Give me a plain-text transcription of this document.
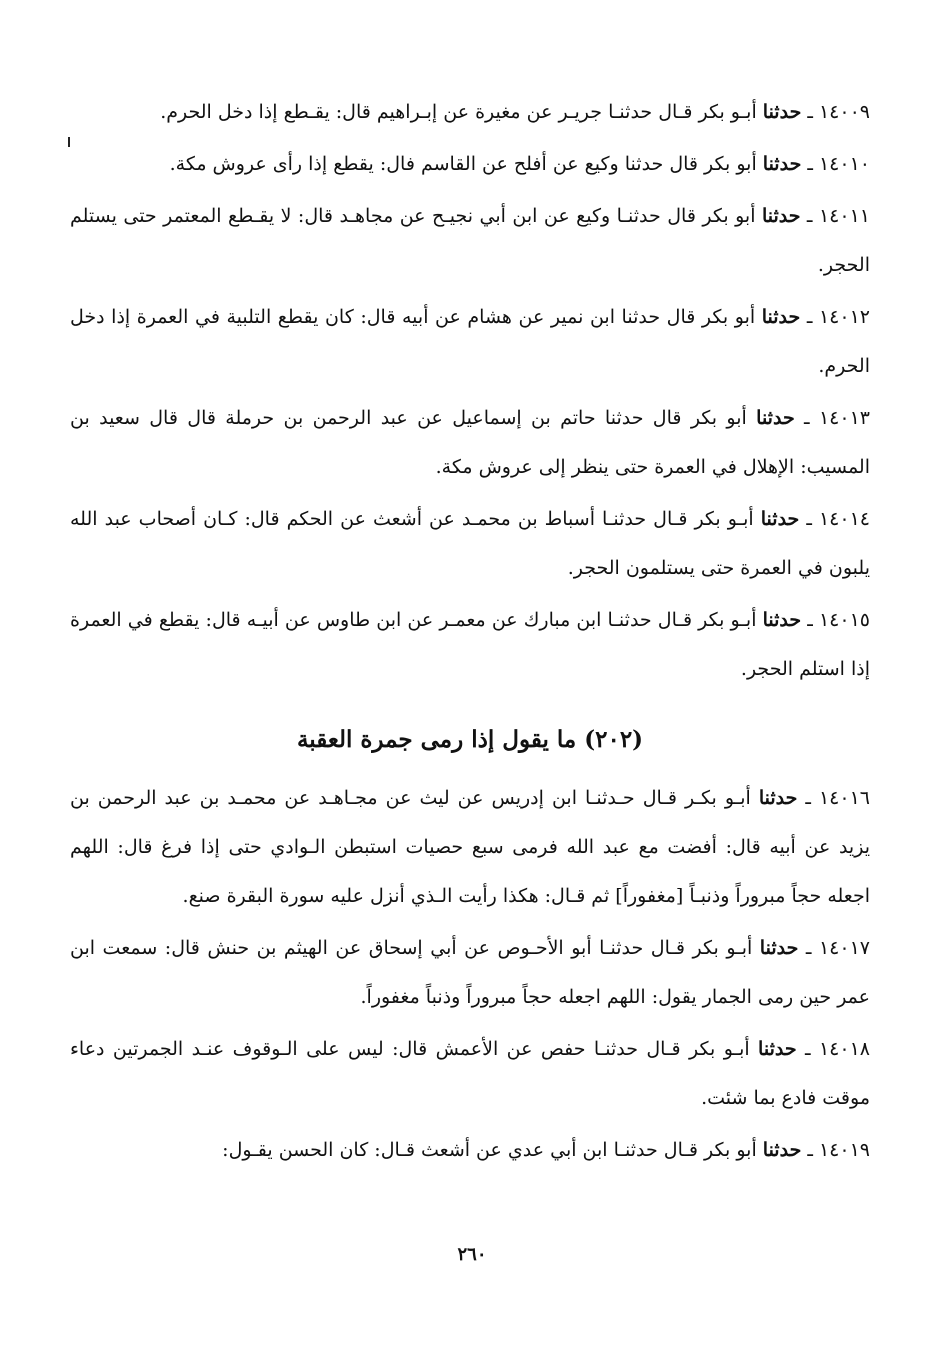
١٤٠٠٩ ـ حدثنا أبـو بكر قـال حدثنـا جريـر عن مغيرة عن إبـراهيم قال: يقـطع إذا دخل الحرم.

١٤٠١٠ ـ حدثنا أبو بكر قال حدثنا وكيع عن أفلح عن القاسم فال: يقطع إذا رأى عروش مكة.

١٤٠١١ ـ حدثنا أبو بكر قال حدثنـا وكيع عن ابن أبي نجيـح عن مجاهـد قال: لا يقـطع المعتمر حتى يستلم الحجر.

١٤٠١٢ ـ حدثنا أبو بكر قال حدثنا ابن نمير عن هشام عن أبيه قال: كان يقطع التلبية في العمرة إذا دخل الحرم.

١٤٠١٣ ـ حدثنا أبو بكر قال حدثنا حاتم بن إسماعيل عن عبد الرحمن بن حرملة قال قال سعيد بن المسيب: الإهلال في العمرة حتى ينظر إلى عروش مكة.

١٤٠١٤ ـ حدثنا أبـو بكر قـال حدثنـا أسباط بن محمـد عن أشعث عن الحكم قال: كـان أصحاب عبد الله يلبون في العمرة حتى يستلمون الحجر.

١٤٠١٥ ـ حدثنا أبـو بكر قـال حدثنـا ابن مبارك عن معمـر عن ابن طاوس عن أبيـه قال: يقطع في العمرة إذا استلم الحجر.

(٢٠٢) ما يقول إذا رمى جمرة العقبة

١٤٠١٦ ـ حدثنا أبـو بكـر قـال حـدثنـا ابن إدريس عن ليث عن مجـاهـد عن محمـد بن عبد الرحمن بن يزيد عن أبيه قال: أفضت مع عبد الله فرمى سبع حصيات استبطن الـوادي حتى إذا فرغ قال: اللهم اجعله حجاً مبروراً وذنبـاً [مغفوراً] ثم قـال: هكذا رأيت الـذي أنزل عليه سورة البقرة صنع.

١٤٠١٧ ـ حدثنا أبـو بكر قـال حدثنـا أبو الأحـوص عن أبي إسحاق عن الهيثم بن حنش قال: سمعت ابن عمر حين رمى الجمار يقول: اللهم اجعله حجاً مبروراً وذنباً مغفوراً.

١٤٠١٨ ـ حدثنا أبـو بكر قـال حدثنـا حفص عن الأعمش قال: ليس على الـوقوف عنـد الجمرتين دعاء موقت فادع بما شئت.

١٤٠١٩ ـ حدثنا أبو بكر قـال حدثنـا ابن أبي عدي عن أشعث قـال: كان الحسن يقـول:

٢٦٠
